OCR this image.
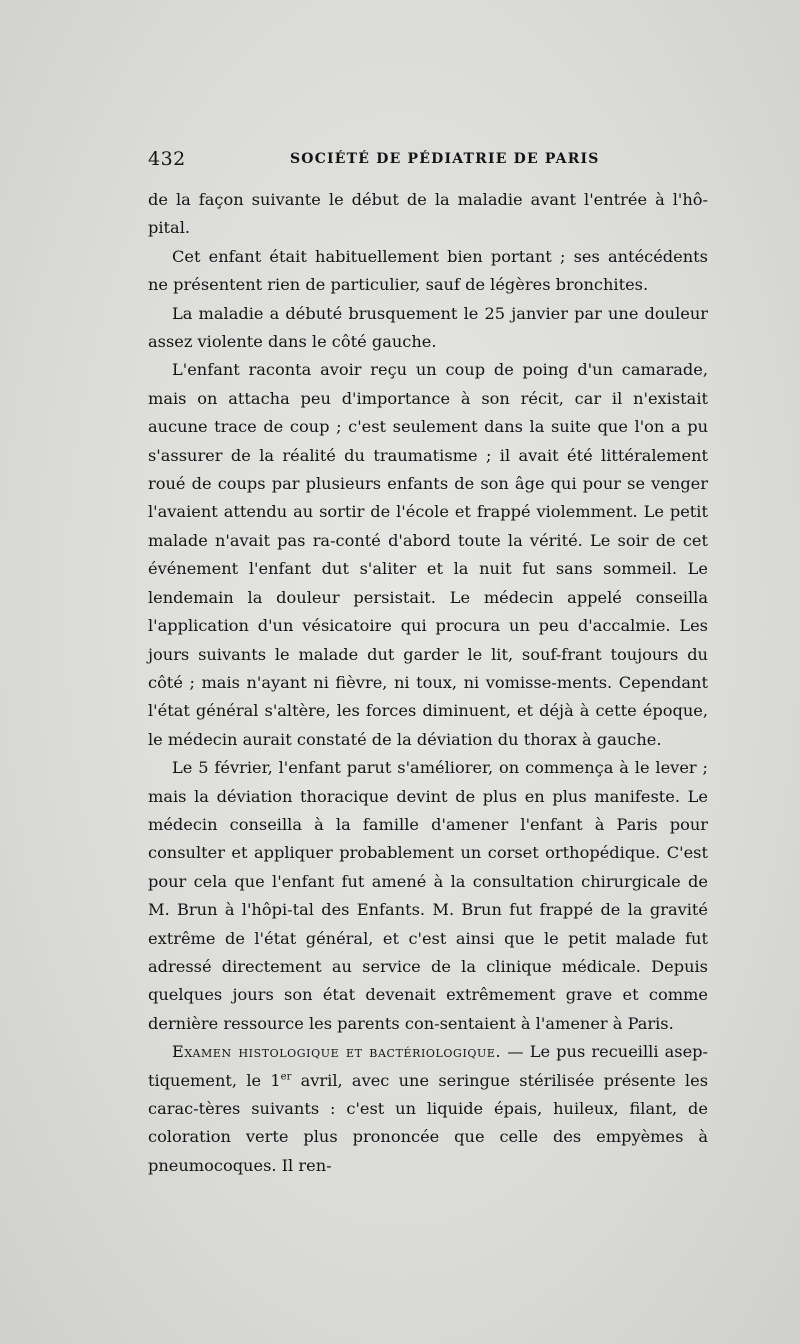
432	SOCIÉTÉ DE PÉDIATRIE DE PARIS

de la façon suivante le début de la maladie avant l'entrée à l'hô-pital.

Cet enfant était habituellement bien portant ; ses antécédents ne présentent rien de particulier, sauf de légères bronchites.

La maladie a débuté brusquement le 25 janvier par une douleur assez violente dans le côté gauche.

L'enfant raconta avoir reçu un coup de poing d'un camarade, mais on attacha peu d'importance à son récit, car il n'existait aucune trace de coup ; c'est seulement dans la suite que l'on a pu s'assurer de la réalité du traumatisme ; il avait été littéralement roué de coups par plusieurs enfants de son âge qui pour se venger l'avaient attendu au sortir de l'école et frappé violemment. Le petit malade n'avait pas ra-conté d'abord toute la vérité. Le soir de cet événement l'enfant dut s'aliter et la nuit fut sans sommeil. Le lendemain la douleur persistait. Le médecin appelé conseilla l'application d'un vésicatoire qui procura un peu d'accalmie. Les jours suivants le malade dut garder le lit, souf-frant toujours du côté ; mais n'ayant ni fièvre, ni toux, ni vomisse-ments. Cependant l'état général s'altère, les forces diminuent, et déjà à cette époque, le médecin aurait constaté de la déviation du thorax à gauche.

Le 5 février, l'enfant parut s'améliorer, on commença à le lever ; mais la déviation thoracique devint de plus en plus manifeste. Le médecin conseilla à la famille d'amener l'enfant à Paris pour consulter et appliquer probablement un corset orthopédique. C'est pour cela que l'enfant fut amené à la consultation chirurgicale de M. Brun à l'hôpi-tal des Enfants. M. Brun fut frappé de la gravité extrême de l'état général, et c'est ainsi que le petit malade fut adressé directement au service de la clinique médicale. Depuis quelques jours son état devenait extrêmement grave et comme dernière ressource les parents con-sentaient à l'amener à Paris.

Examen histologique et bactériologique. — Le pus recueilli asep-tiquement, le 1er avril, avec une seringue stérilisée présente les carac-tères suivants : c'est un liquide épais, huileux, filant, de coloration verte plus prononcée que celle des empyèmes à pneumocoques. Il ren-
